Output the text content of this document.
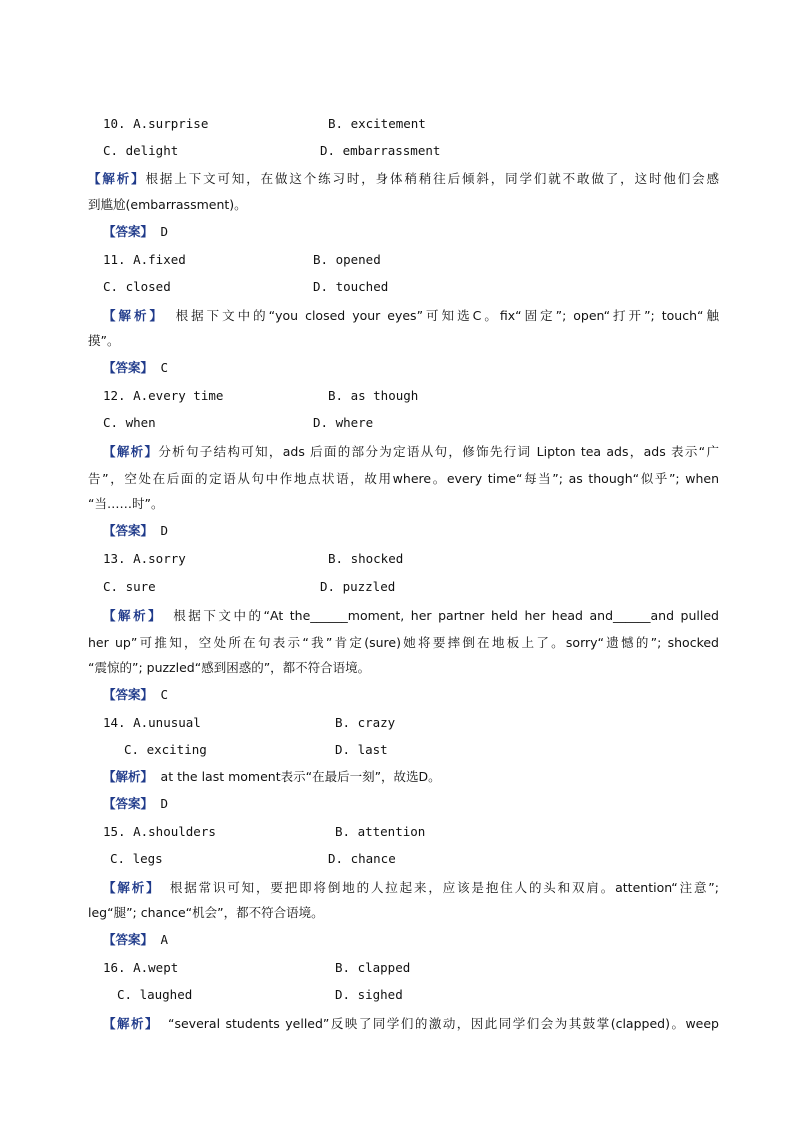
10. A.surprise	B. excitement
C. delight	D. embarrassment
【解析】根据上下文可知，在做这个练习时，身体稍稍往后倾斜，同学们就不敢做了，这时他们会感
到尴尬(embarrassment)。
【答案】 D
11. A.fixed	B. opened
C. closed	D. touched
【解析】 根据下文中的“you closed your eyes”可知选C。fix“固定”; open“打开”; touch“触
摸”。
【答案】 C
12. A.every time	B. as though
C. when	D. where
【解析】分析句子结构可知，ads 后面的部分为定语从句，修饰先行词 Lipton tea ads，ads 表示“广
告”，空处在后面的定语从句中作地点状语，故用where。every time“每当”; as though“似乎”; when
“当……时”。
【答案】 D
13. A.sorry	B. shocked
C. sure	D. puzzled
【解析】 根据下文中的“At the______moment, her partner held her head and______and pulled
her up”可推知，空处所在句表示“我”肯定(sure)她将要摔倒在地板上了。sorry“遗憾的”; shocked
“震惊的”; puzzled“感到困惑的”，都不符合语境。
【答案】 C
14. A.unusual	B. crazy
C. exciting	D. last
【解析】 at the last moment表示“在最后一刻”，故选D。
【答案】 D
15. A.shoulders	B. attention
C. legs	D. chance
【解析】 根据常识可知，要把即将倒地的人拉起来，应该是抱住人的头和双肩。attention“注意”;
leg“腿”; chance“机会”，都不符合语境。
【答案】 A
16. A.wept	B. clapped
C. laughed	D. sighed
【解析】 “several students yelled”反映了同学们的激动，因此同学们会为其鼓掌(clapped)。weep
